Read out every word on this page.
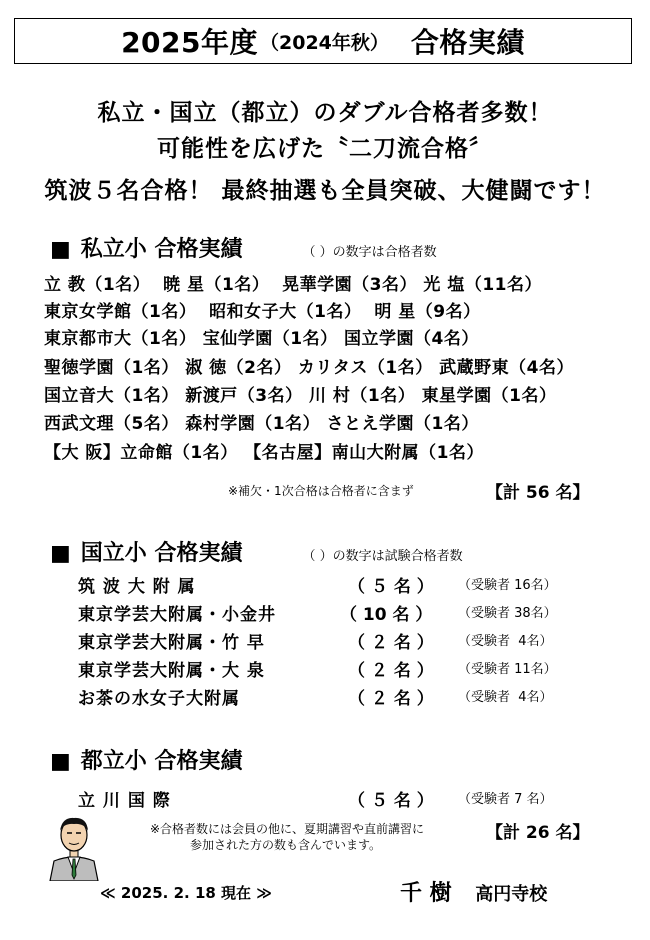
2025年度 （2024年秋） 合格実績
私立・国立（都立）のダブル合格者多数！
可能性を広げた〝二刀流合格〞
筑波５名合格！ 最終抽選も全員突破、大健闘です！
■ 私立小 合格実績	（ ）の数字は合格者数
立 教（1名）  暁 星（1名）  晃華学園（3名） 光 塩（11名）
東京女学館（1名）  昭和女子大（1名）  明 星（9名）
東京都市大（1名） 宝仙学園（1名） 国立学園（4名）
聖徳学園（1名） 淑 徳（2名） カリタス（1名） 武蔵野東（4名）
国立音大（1名） 新渡戸（3名） 川 村（1名） 東星学園（1名）
西武文理（5名） 森村学園（1名） さとえ学園（1名）
【大 阪】立命館（1名） 【名古屋】南山大附属（1名）
※補欠・1次合格は合格者に含まず	【計 56 名】
■ 国立小 合格実績	（ ）の数字は試験合格者数
筑 波 大 附 属	（ ５ 名 ） （受験者 16名）
東京学芸大附属・小金井	（ 10 名 ） （受験者 38名）
東京学芸大附属・竹 早	（ ２ 名 ） （受験者  4名）
東京学芸大附属・大 泉	（ ２ 名 ） （受験者 11名）
お茶の水女子大附属	（ ２ 名 ） （受験者  4名）
■ 都立小 合格実績
立 川 国 際	（ ５ 名 ） （受験者 7 名）
※合格者数には会員の他に、夏期講習や直前講習に
参加された方の数も含んでいます。
【計 26 名】
≪ 2025. 2. 18 現在 ≫	千 樹 高円寺校
